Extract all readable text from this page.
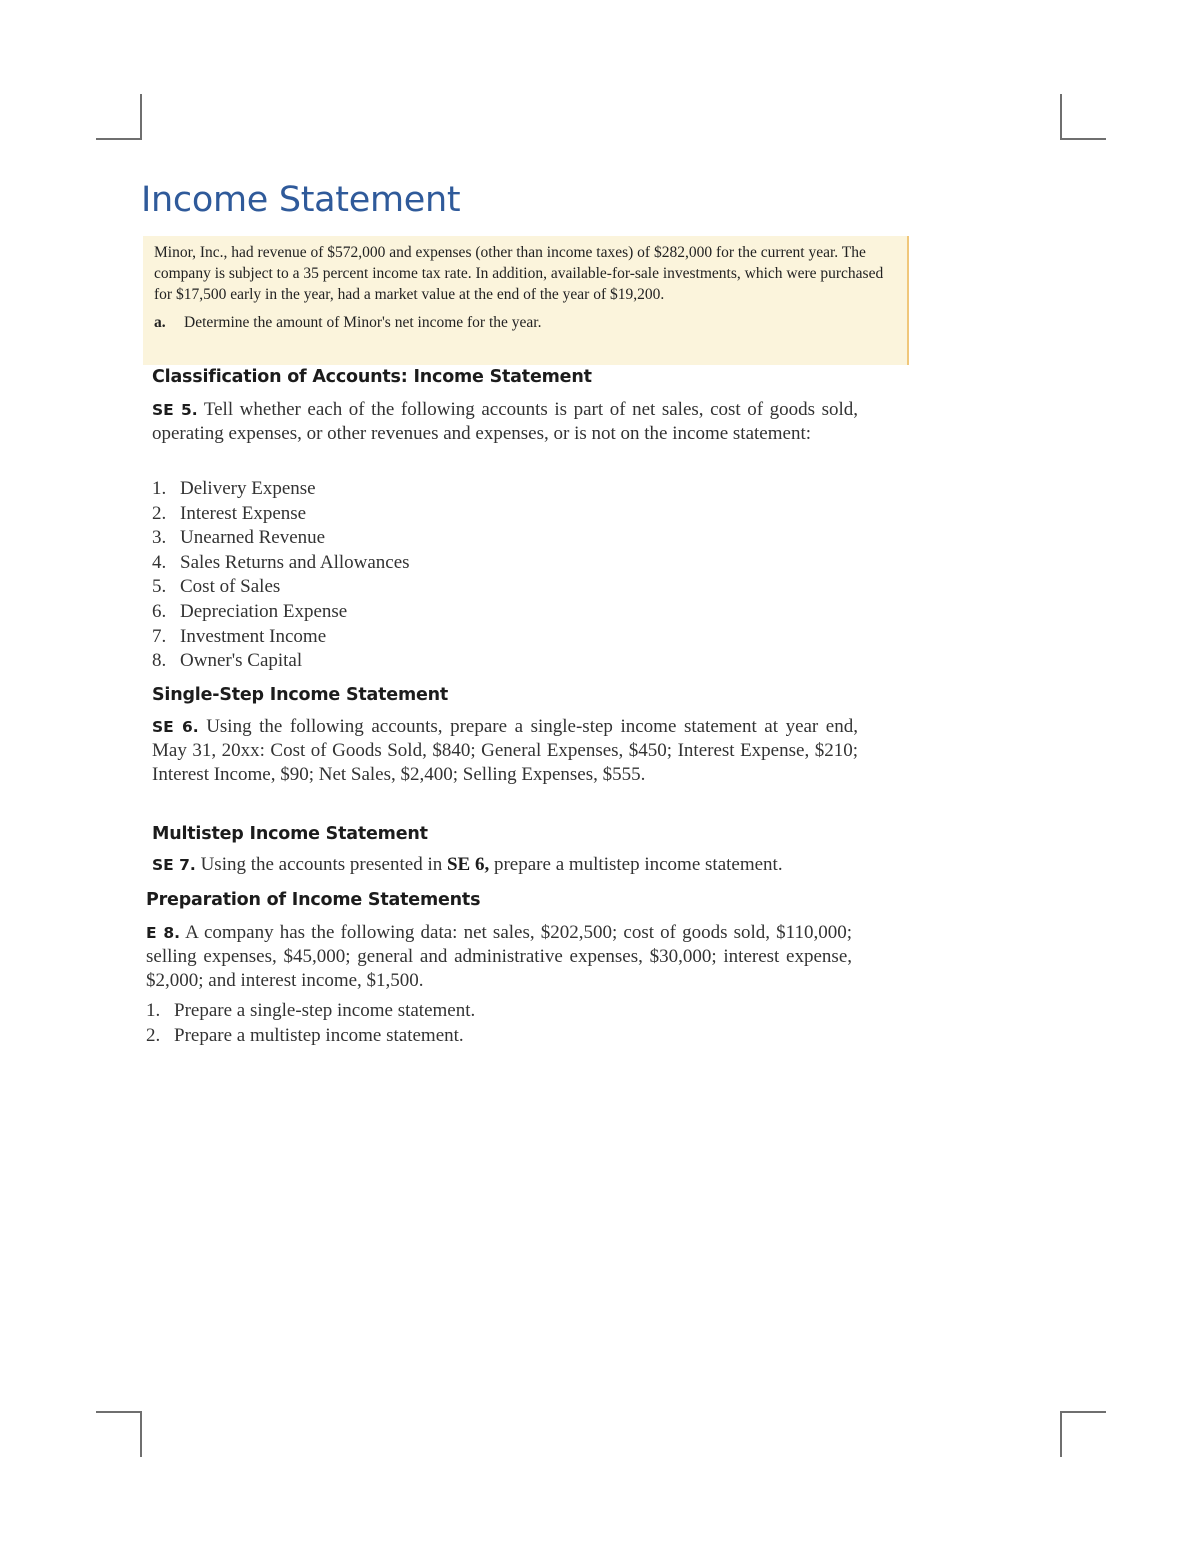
Income Statement

Minor, Inc., had revenue of $572,000 and expenses (other than income taxes) of $282,000 for the current year. The company is subject to a 35 percent income tax rate. In addition, available-for-sale investments, which were purchased for $17,500 early in the year, had a market value at the end of the year of $19,200.

a. Determine the amount of Minor's net income for the year.

Classification of Accounts: Income Statement

SE 5. Tell whether each of the following accounts is part of net sales, cost of goods sold, operating expenses, or other revenues and expenses, or is not on the income statement:

1. Delivery Expense
2. Interest Expense
3. Unearned Revenue
4. Sales Returns and Allowances
5. Cost of Sales
6. Depreciation Expense
7. Investment Income
8. Owner's Capital
Single-Step Income Statement

SE 6. Using the following accounts, prepare a single-step income statement at year end, May 31, 20xx: Cost of Goods Sold, $840; General Expenses, $450; Interest Expense, $210; Interest Income, $90; Net Sales, $2,400; Selling Expenses, $555.

Multistep Income Statement

SE 7. Using the accounts presented in SE 6, prepare a multistep income statement.

Preparation of Income Statements

E 8. A company has the following data: net sales, $202,500; cost of goods sold, $110,000; selling expenses, $45,000; general and administrative expenses, $30,000; interest expense, $2,000; and interest income, $1,500.

1. Prepare a single-step income statement.
2. Prepare a multistep income statement.
